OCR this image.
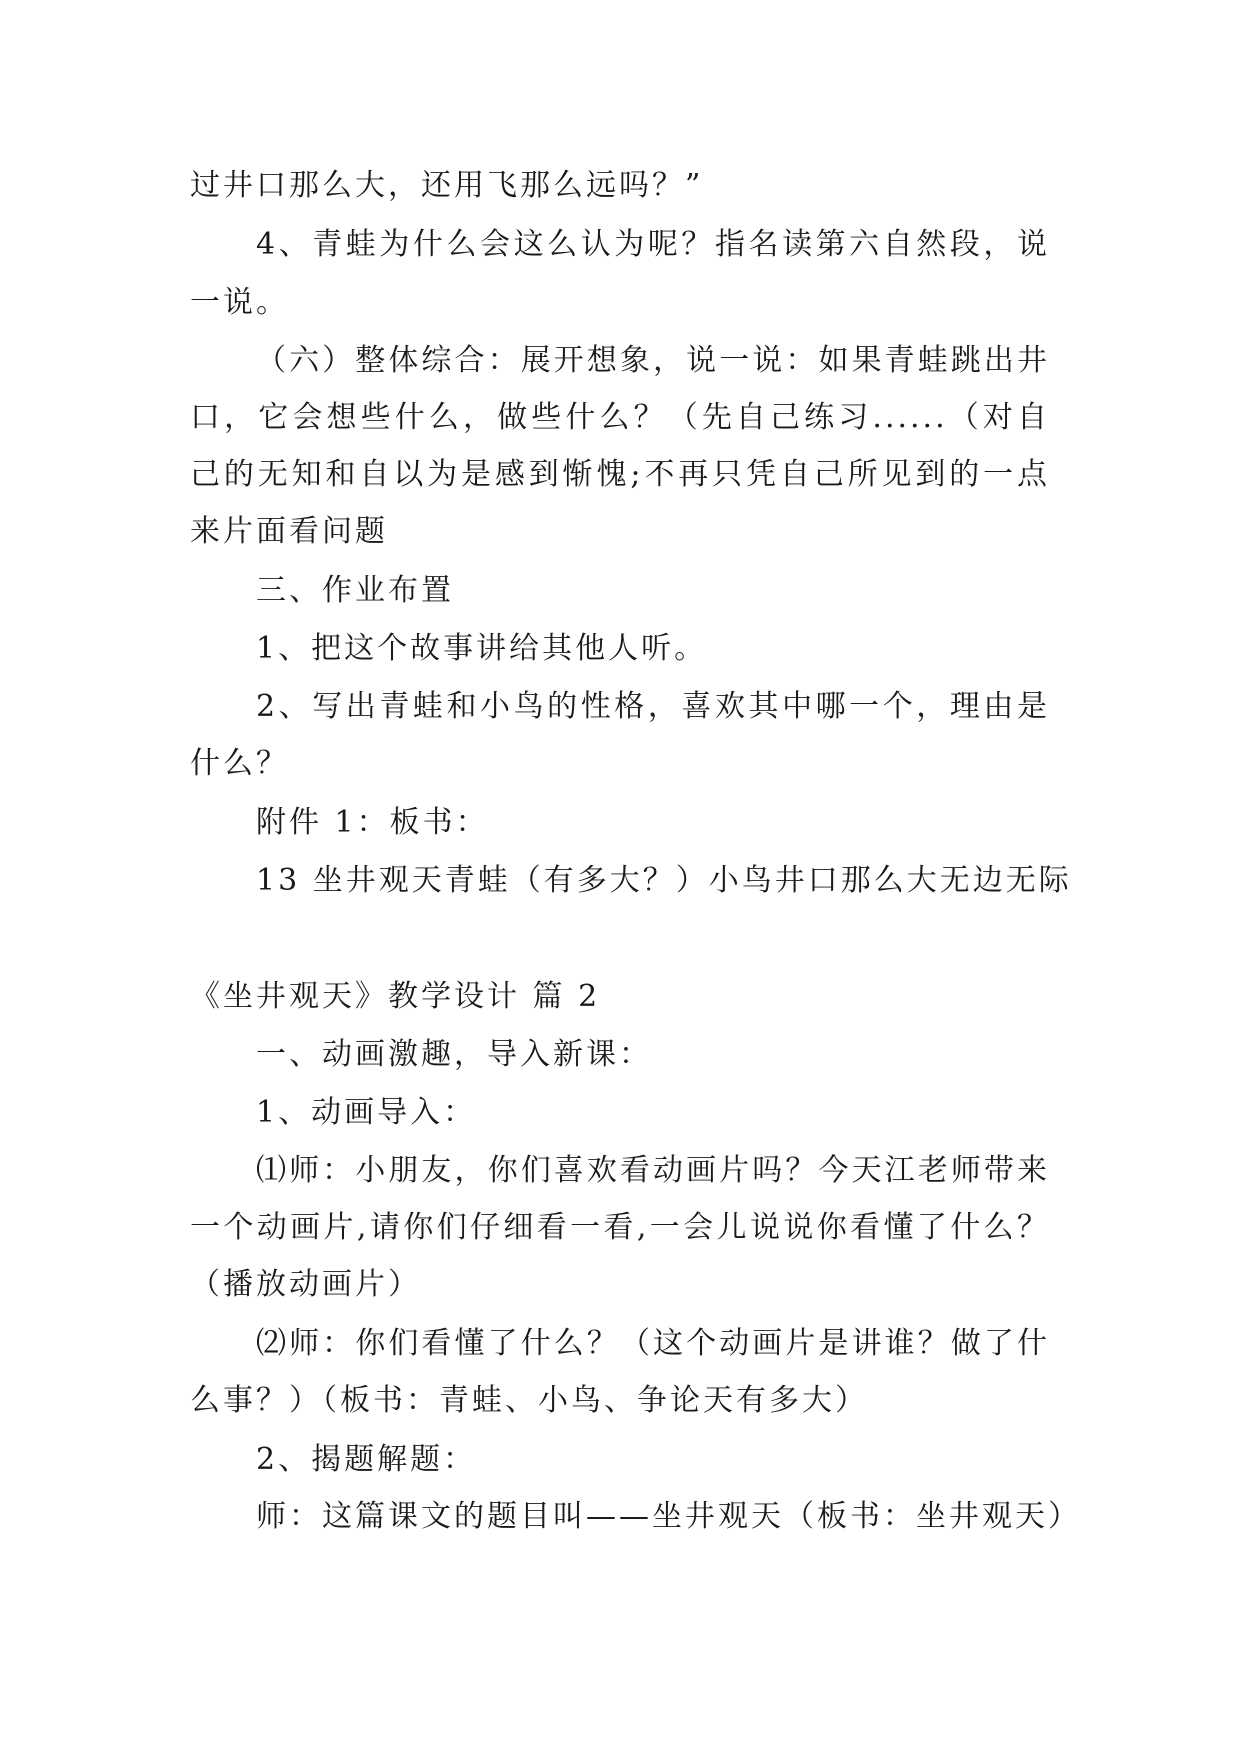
过井口那么大，还用飞那么远吗？”
4、青蛙为什么会这么认为呢？指名读第六自然段，说
一说。
（六）整体综合：展开想象，说一说：如果青蛙跳出井
口，它会想些什么，做些什么？（先自己练习......（对自
己的无知和自以为是感到惭愧;不再只凭自己所见到的一点
来片面看问题
三、作业布置
1、把这个故事讲给其他人听。
2、写出青蛙和小鸟的性格，喜欢其中哪一个，理由是
什么？
附件 1：板书：
13 坐井观天青蛙（有多大？）小鸟井口那么大无边无际
《坐井观天》教学设计 篇 2
一、动画激趣，导入新课：
1、动画导入：
⑴师：小朋友，你们喜欢看动画片吗？今天江老师带来
一个动画片,请你们仔细看一看,一会儿说说你看懂了什么？
（播放动画片）
⑵师：你们看懂了什么？（这个动画片是讲谁？做了什
么事？）（板书：青蛙、小鸟、争论天有多大）
2、揭题解题：
师：这篇课文的题目叫——坐井观天（板书：坐井观天）
